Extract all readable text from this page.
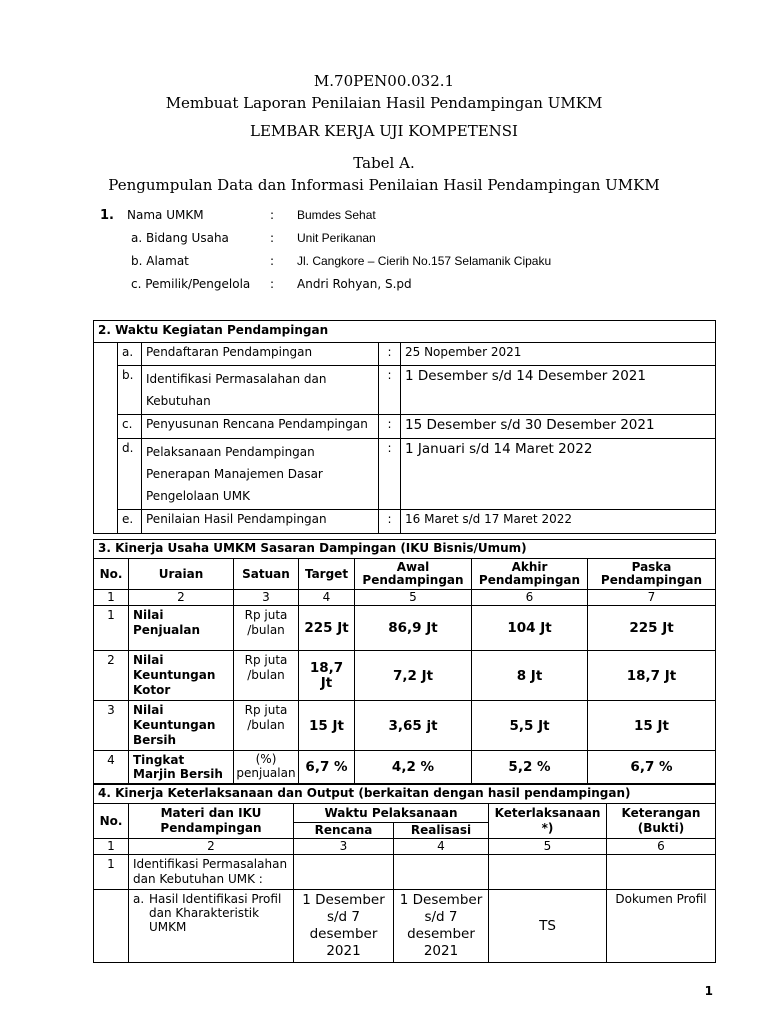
M.70PEN00.032.1
Membuat Laporan Penilaian Hasil Pendampingan UMKM
LEMBAR KERJA UJI KOMPETENSI
Tabel A.
Pengumpulan Data dan Informasi Penilaian Hasil Pendampingan UMKM
1. Nama UMKM	: Bumdes Sehat
a. Bidang Usaha	: Unit Perikanan
b. Alamat	: Jl. Cangkore – Cierih No.157 Selamanik Cipaku
c. Pemilik/Pengelola : Andri Rohyan, S.pd
2. Waktu Kegiatan Pendampingan				
	a.	Pendaftaran Pendampingan	:	25 Nopember 2021
	b.	Identifikasi Permasalahan dan Kebutuhan	:	1 Desember s/d 14 Desember 2021
	c.	Penyusunan Rencana Pendampingan	:	15 Desember s/d 30 Desember 2021
	d.	Pelaksanaan Pendampingan Penerapan Manajemen Dasar Pengelolaan UMK	:	1 Januari s/d 14 Maret 2022
	e.	Penilaian Hasil Pendampingan	:	16 Maret s/d 17 Maret 2022
3. Kinerja Usaha UMKM Sasaran Dampingan (IKU Bisnis/Umum)						
No.	Uraian	Satuan	Target	Awal Pendampingan	Akhir Pendampingan	Paska Pendampingan
1	2	3	4	5	6	7
1	Nilai Penjualan	Rp juta /bulan	225 Jt	86,9 Jt	104 Jt	225 Jt
2	Nilai Keuntungan Kotor	Rp juta /bulan	18,7 Jt	7,2 Jt	8 Jt	18,7 Jt
3	Nilai Keuntungan Bersih	Rp juta /bulan	15 Jt	3,65 jt	5,5 Jt	15 Jt
4	Tingkat Marjin Bersih	(%) penjualan	6,7 %	4,2 %	5,2 %	6,7 %
4. Kinerja Keterlaksanaan dan Output (berkaitan dengan hasil pendampingan)					
No.	Materi dan IKU Pendampingan	Waktu Pelaksanaan		Keterlaksanaan *)	Keterangan (Bukti)
		Rencana	Realisasi		
1	2	3	4	5	6
1	Identifikasi Permasalahan dan Kebutuhan UMK :				

	a. Hasil Identifikasi Profil dan Kharakteristik UMKM	1 Desember s/d 7 desember 2021	1 Desember s/d 7 desember 2021	TS	Dokumen Profil
1
